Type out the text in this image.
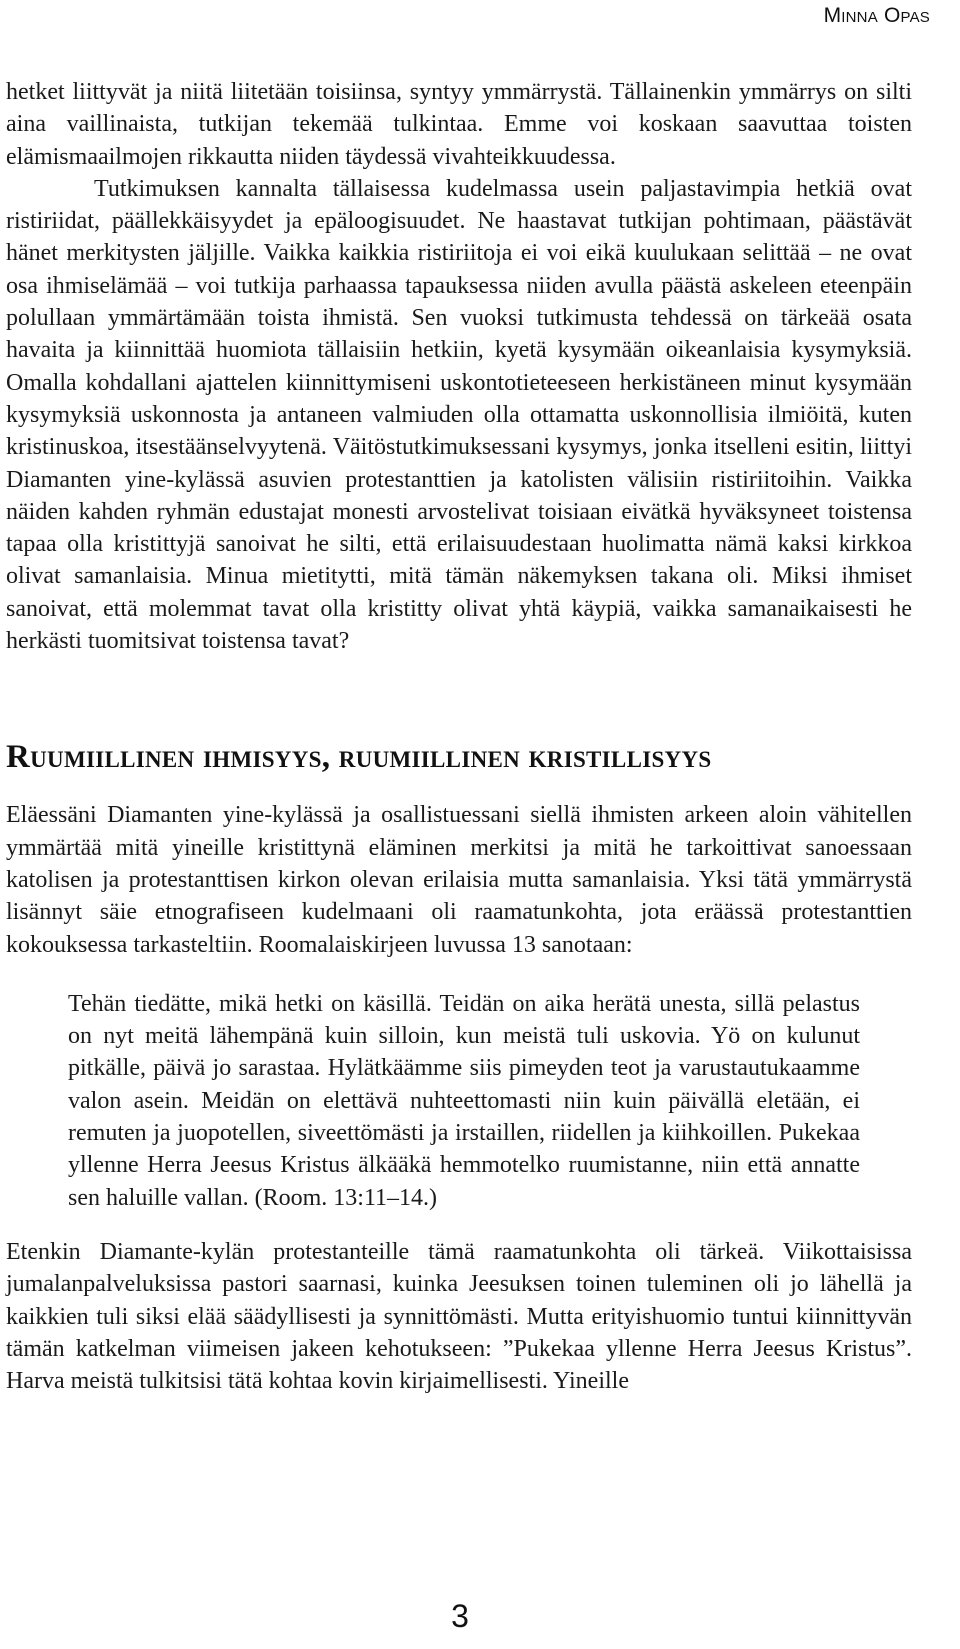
Minna Opas

hetket liittyvät ja niitä liitetään toisiinsa, syntyy ymmärrystä. Tällainenkin ymmärrys on silti aina vaillinaista, tutkijan tekemää tulkintaa. Emme voi koskaan saavuttaa toisten elämismaailmojen rikkautta niiden täydessä vivahteikkuudessa.

Tutkimuksen kannalta tällaisessa kudelmassa usein paljastavimpia hetkiä ovat ristiriidat, päällekkäisyydet ja epäloogisuudet. Ne haastavat tutkijan pohtimaan, päästävät hänet merkitysten jäljille. Vaikka kaikkia ristiriitoja ei voi eikä kuulukaan selittää – ne ovat osa ihmiselämää – voi tutkija parhaassa tapauksessa niiden avulla päästä askeleen eteenpäin polullaan ymmärtämään toista ihmistä. Sen vuoksi tutkimusta tehdessä on tärkeää osata havaita ja kiinnittää huomiota tällaisiin hetkiin, kyetä kysymään oikeanlaisia kysymyksiä. Omalla kohdallani ajattelen kiinnittymiseni uskontotieteeseen herkistäneen minut kysymään kysymyksiä uskonnosta ja antaneen valmiuden olla ottamatta uskonnollisia ilmiöitä, kuten kristinuskoa, itsestäänselvyytenä. Väitöstutkimuksessani kysymys, jonka itselleni esitin, liittyi Diamanten yine-kylässä asuvien protestanttien ja katolisten välisiin ristiriitoihin. Vaikka näiden kahden ryhmän edustajat monesti arvostelivat toisiaan eivätkä hyväksyneet toistensa tapaa olla kristittyjä sanoivat he silti, että erilaisuudestaan huolimatta nämä kaksi kirkkoa olivat samanlaisia. Minua mietitytti, mitä tämän näkemyksen takana oli. Miksi ihmiset sanoivat, että molemmat tavat olla kristitty olivat yhtä käypiä, vaikka samanaikaisesti he herkästi tuomitsivat toistensa tavat?

Ruumiillinen ihmisyys, ruumiillinen kristillisyys

Eläessäni Diamanten yine-kylässä ja osallistuessani siellä ihmisten arkeen aloin vähitellen ymmärtää mitä yineille kristittynä eläminen merkitsi ja mitä he tarkoittivat sanoessaan katolisen ja protestanttisen kirkon olevan erilaisia mutta samanlaisia. Yksi tätä ymmärrystä lisännyt säie etnografiseen kudelmaani oli raamatunkohta, jota eräässä protestanttien kokouksessa tarkasteltiin. Roomalaiskirjeen luvussa 13 sanotaan:

Tehän tiedätte, mikä hetki on käsillä. Teidän on aika herätä unesta, sillä pelastus on nyt meitä lähempänä kuin silloin, kun meistä tuli uskovia. Yö on kulunut pitkälle, päivä jo sarastaa. Hylätkäämme siis pimeyden teot ja varustautukaamme valon asein. Meidän on elettävä nuhteettomasti niin kuin päivällä eletään, ei remuten ja juopotellen, siveettömästi ja irstaillen, riidellen ja kiihkoillen. Pukekaa yllenne Herra Jeesus Kristus älkääkä hemmotelko ruumistanne, niin että annatte sen haluille vallan. (Room. 13:11–14.)

Etenkin Diamante-kylän protestanteille tämä raamatunkohta oli tärkeä. Viikottaisissa jumalanpalveluksissa pastori saarnasi, kuinka Jeesuksen toinen tuleminen oli jo lähellä ja kaikkien tuli siksi elää säädyllisesti ja synnittömästi. Mutta erityishuomio tuntui kiinnittyvän tämän katkelman viimeisen jakeen kehotukseen: ”Pukekaa yllenne Herra Jeesus Kristus”. Harva meistä tulkitsisi tätä kohtaa kovin kirjaimellisesti. Yineille

3
